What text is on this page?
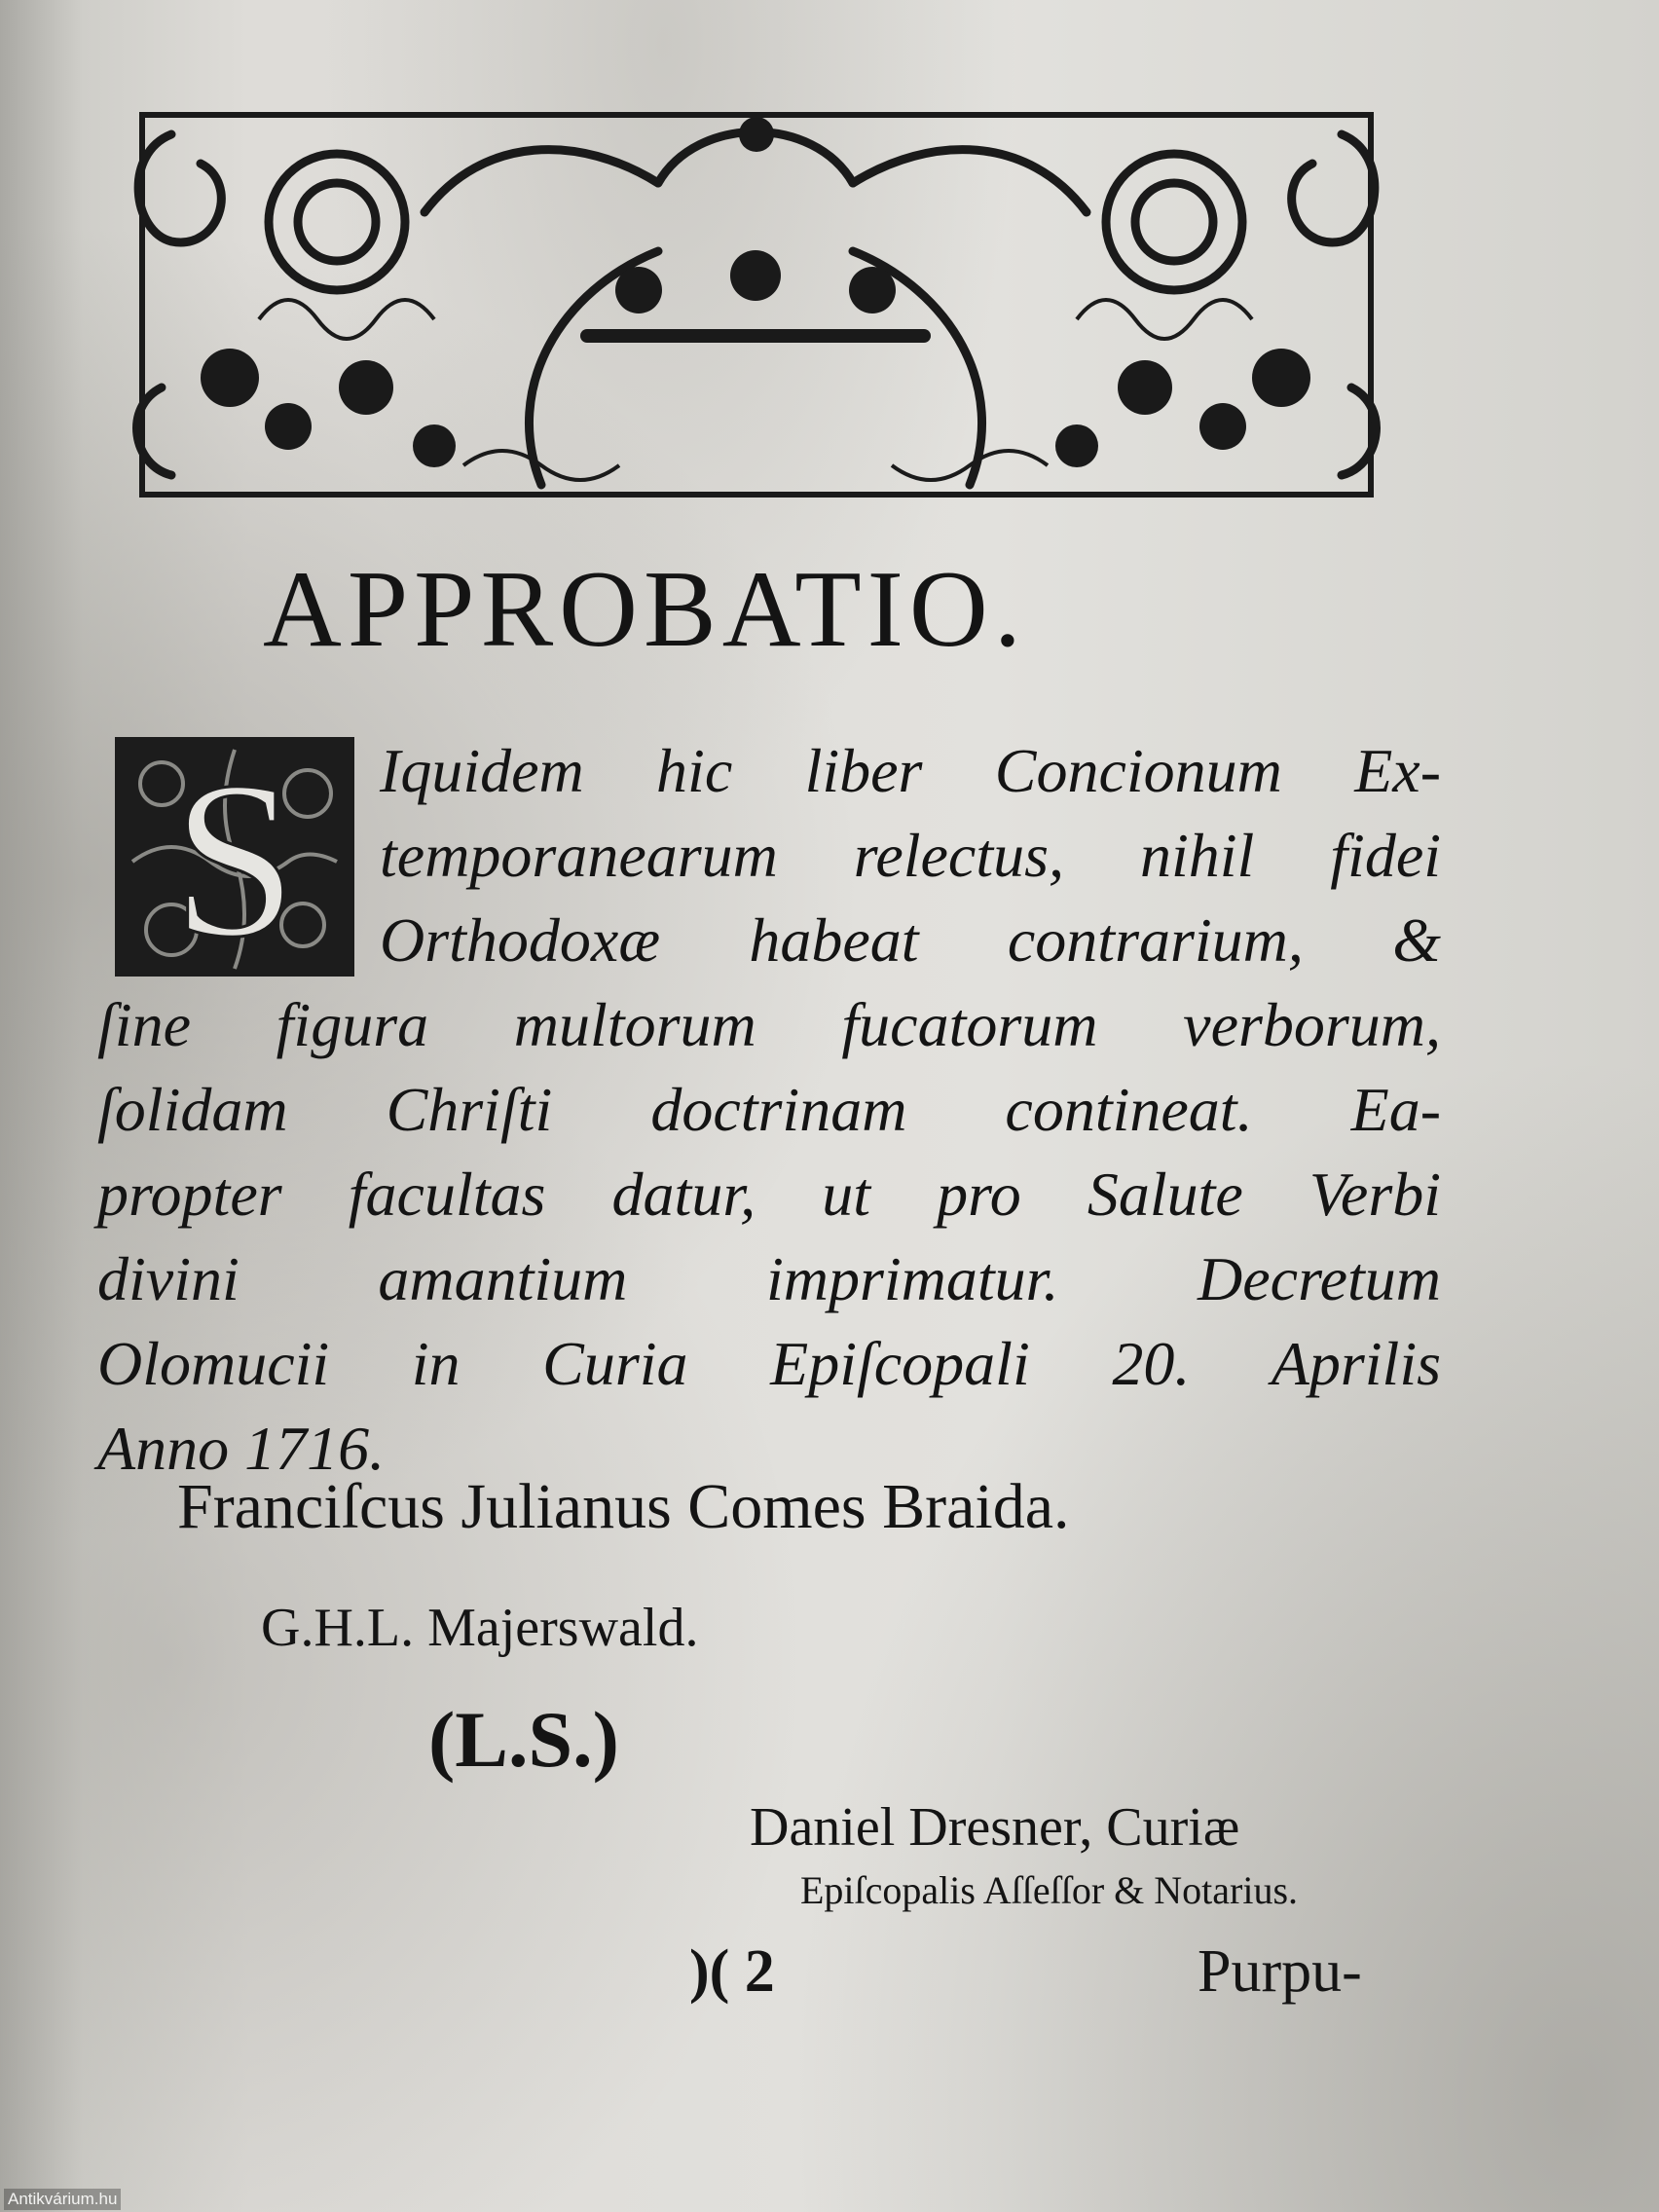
APPROBATIO.
S	Iquidem hic liber Concionum Ex-
temporanearum relectus, nihil fidei
Orthodoxæ habeat contrarium, &
ſine figura multorum fucatorum verborum,
ſolidam Chriſti doctrinam contineat. Ea-
propter facultas datur, ut pro Salute Verbi
divini amantium imprimatur. Decretum
Olomucii in Curia Epiſcopali 20. Aprilis
Anno 1716.
Franciſcus Julianus Comes Braida.
G.H.L. Majerswald.
(L.S.)
Daniel Dresner, Curiæ
Epiſcopalis Aſſeſſor & Notarius.
)( 2	Purpu-
Antikvárium.hu
